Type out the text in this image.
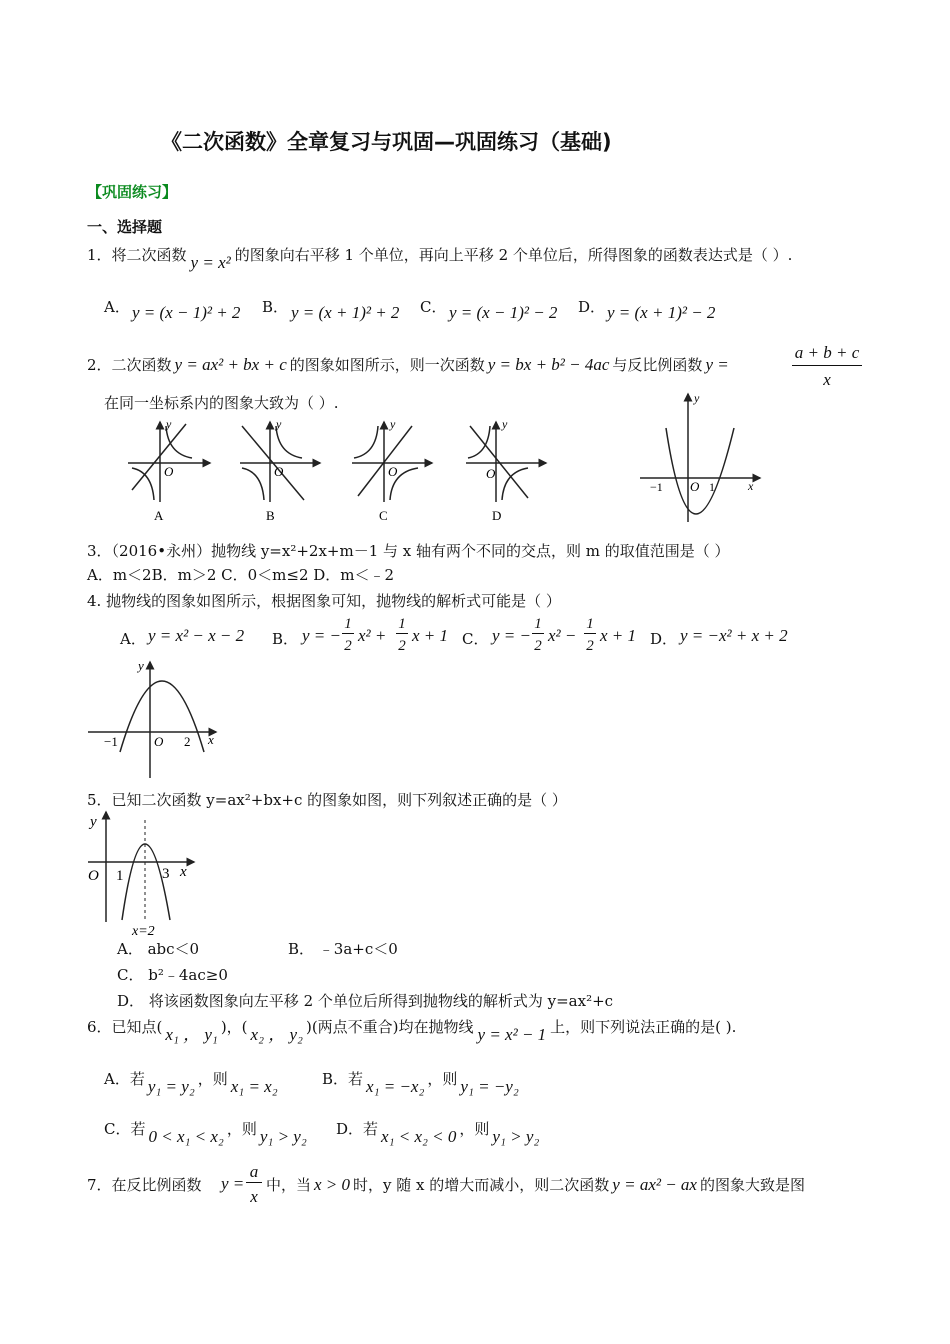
《二次函数》全章复习与巩固—巩固练习（基础)
【巩固练习】
一、选择题
1．将二次函数 y = x² 的图象向右平移 1 个单位，再向上平移 2 个单位后，所得图象的函数表达式是（ ）.
A． y = (x − 1)² + 2 B． y = (x + 1)² + 2 C． y = (x − 1)² − 2 D． y = (x + 1)² − 2
2．二次函数 y = ax² + bx + c 的图象如图所示，则一次函数 y = bx + b² − 4ac 与反比例函数 y =
a + b + c
x
在同一坐标系内的图象大致为（ ）.
O
y
A
O
y
B
O
y
C
O
y
D
y
x
−1 O 1
3．（2016•永州）抛物线 y=x²+2x+m－1 与 x 轴有两个不同的交点，则 m 的取值范围是（ ）
A．m＜2B．m＞2 C．0＜m≤2 D．m＜﹣2
4. 抛物线的图象如图所示，根据图象可知，抛物线的解析式可能是（ ）
A． y = x² − x − 2 B． y = −
1
2
x² +
1
2
x + 1 C． y = −
1
2
x² −
1
2
x + 1 D． y = −x² + x + 2
y
x
−1	O 2
5．已知二次函数 y=ax²+bx+c 的图象如图，则下列叙述正确的是（ ）
y
x
O 1	3
x=2
A． abc＜0	B． ﹣3a+c＜0
C． b²﹣4ac≥0
D． 将该函数图象向左平移 2 个单位后所得到抛物线的解析式为 y=ax²+c
6．已知点( x₁ ， y₁ )，( x₂ ， y₂ )(两点不重合)均在抛物线 y = x² − 1 上，则下列说法正确的是( ).
A．若 y₁ = y₂ ，则 x₁ = x₂	B．若 x₁ = −x₂ ，则 y₁ = −y₂
C．若 0 < x₁ < x₂ ，则 y₁ > y₂ D．若 x₁ < x₂ < 0 ，则 y₁ > y₂
7．在反比例函数 y =
a
x
中，当 x > 0 时，y 随 x 的增大而减小，则二次函数 y = ax² − ax 的图象大致是图
